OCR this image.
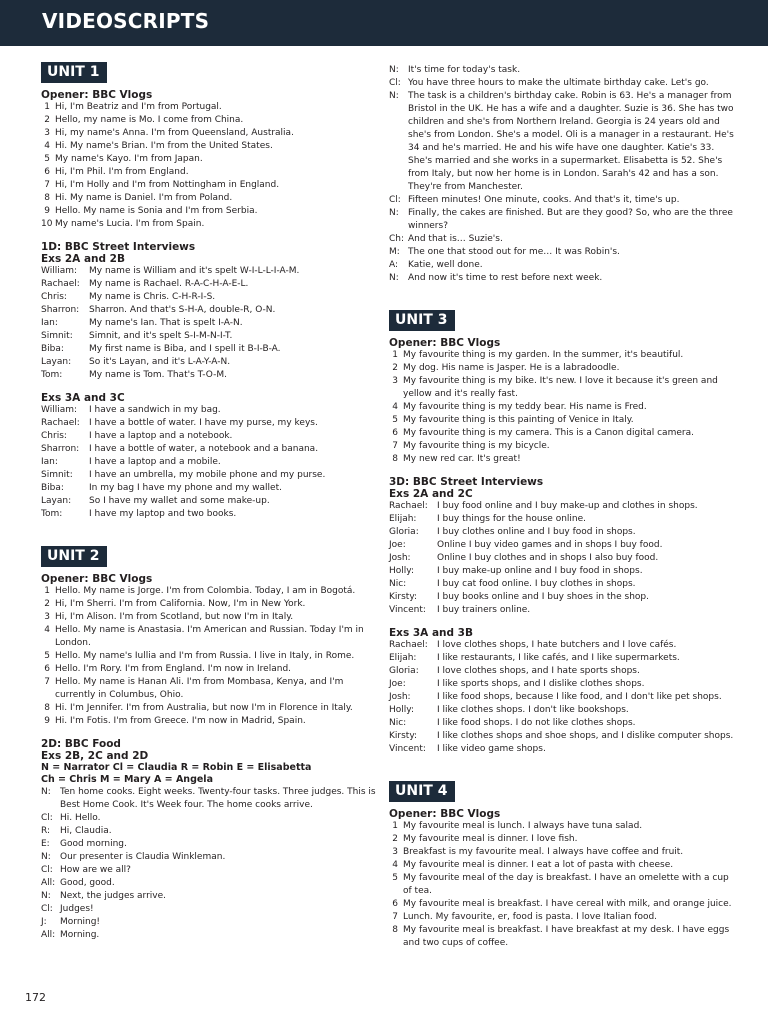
VIDEOSCRIPTS
UNIT 1
Opener: BBC Vlogs
1 Hi, I'm Beatriz and I'm from Portugal.
2 Hello, my name is Mo. I come from China.
3 Hi, my name's Anna. I'm from Queensland, Australia.
4 Hi. My name's Brian. I'm from the United States.
5 My name's Kayo. I'm from Japan.
6 Hi, I'm Phil. I'm from England.
7 Hi, I'm Holly and I'm from Nottingham in England.
8 Hi. My name is Daniel. I'm from Poland.
9 Hello. My name is Sonia and I'm from Serbia.
10 My name's Lucia. I'm from Spain.
1D: BBC Street Interviews
Exs 2A and 2B
William:	My name is William and it's spelt W-I-L-L-I-A-M.
Rachael:	My name is Rachael. R-A-C-H-A-E-L.
Chris:	My name is Chris. C-H-R-I-S.
Sharron:	Sharron. And that's S-H-A, double-R, O-N.
Ian:	My name's Ian. That is spelt I-A-N.
Simnit:	Simnit, and it's spelt S-I-M-N-I-T.
Biba:	My first name is Biba, and I spell it B-I-B-A.
Layan:	So it's Layan, and it's L-A-Y-A-N.
Tom:	My name is Tom. That's T-O-M.
Exs 3A and 3C
William:	I have a sandwich in my bag.
Rachael:	I have a bottle of water. I have my purse, my keys.
Chris:	I have a laptop and a notebook.
Sharron:	I have a bottle of water, a notebook and a banana.
Ian:	I have a laptop and a mobile.
Simnit:	I have an umbrella, my mobile phone and my purse.
Biba:	In my bag I have my phone and my wallet.
Layan:	So I have my wallet and some make-up.
Tom:	I have my laptop and two books.
UNIT 2
Opener: BBC Vlogs
1 Hello. My name is Jorge. I'm from Colombia. Today, I am in Bogotá.
2 Hi, I'm Sherri. I'm from California. Now, I'm in New York.
3 Hi, I'm Alison. I'm from Scotland, but now I'm in Italy.
4 Hello. My name is Anastasia. I'm American and Russian. Today I'm in London.
5 Hello. My name's Iullia and I'm from Russia. I live in Italy, in Rome.
6 Hello. I'm Rory. I'm from England. I'm now in Ireland.
7 Hello. My name is Hanan Ali. I'm from Mombasa, Kenya, and I'm currently in Columbus, Ohio.
8 Hi. I'm Jennifer. I'm from Australia, but now I'm in Florence in Italy.
9 Hi. I'm Fotis. I'm from Greece. I'm now in Madrid, Spain.
2D: BBC Food
Exs 2B, 2C and 2D
N = Narrator Cl = Claudia R = Robin E = Elisabetta
Ch = Chris M = Mary A = Angela
N:	Ten home cooks. Eight weeks. Twenty-four tasks. Three judges. This is Best Home Cook. It's Week four. The home cooks arrive.
Cl: Hi. Hello.
R:	Hi, Claudia.
E:	Good morning.
N:	Our presenter is Claudia Winkleman.
Cl: How are we all?
All: Good, good.
N:	Next, the judges arrive.
Cl: Judges!
J:	Morning!
All: Morning.
N:	It's time for today's task.
Cl: You have three hours to make the ultimate birthday cake. Let's go.
N:	The task is a children's birthday cake. Robin is 63. He's a manager from Bristol in the UK. He has a wife and a daughter. Suzie is 36. She has two children and she's from Northern Ireland. Georgia is 24 years old and she's from London. She's a model. Oli is a manager in a restaurant. He's 34 and he's married. He and his wife have one daughter. Katie's 33. She's married and she works in a supermarket. Elisabetta is 52. She's from Italy, but now her home is in London. Sarah's 42 and has a son. They're from Manchester.
Cl: Fifteen minutes! One minute, cooks. And that's it, time's up.
N:	Finally, the cakes are finished. But are they good? So, who are the three winners?
Ch: And that is… Suzie's.
M: The one that stood out for me… It was Robin's.
A:	Katie, well done.
N:	And now it's time to rest before next week.
UNIT 3
Opener: BBC Vlogs
1 My favourite thing is my garden. In the summer, it's beautiful.
2 My dog. His name is Jasper. He is a labradoodle.
3 My favourite thing is my bike. It's new. I love it because it's green and yellow and it's really fast.
4 My favourite thing is my teddy bear. His name is Fred.
5 My favourite thing is this painting of Venice in Italy.
6 My favourite thing is my camera. This is a Canon digital camera.
7 My favourite thing is my bicycle.
8 My new red car. It's great!
3D: BBC Street Interviews
Exs 2A and 2C
Rachael:	I buy food online and I buy make-up and clothes in shops.
Elijah:	I buy things for the house online.
Gloria:	I buy clothes online and I buy food in shops.
Joe:	Online I buy video games and in shops I buy food.
Josh:	Online I buy clothes and in shops I also buy food.
Holly:	I buy make-up online and I buy food in shops.
Nic:	I buy cat food online. I buy clothes in shops.
Kirsty:	I buy books online and I buy shoes in the shop.
Vincent:	I buy trainers online.
Exs 3A and 3B
Rachael:	I love clothes shops, I hate butchers and I love cafés.
Elijah:	I like restaurants, I like cafés, and I like supermarkets.
Gloria:	I love clothes shops, and I hate sports shops.
Joe:	I like sports shops, and I dislike clothes shops.
Josh:	I like food shops, because I like food, and I don't like pet shops.
Holly:	I like clothes shops. I don't like bookshops.
Nic:	I like food shops. I do not like clothes shops.
Kirsty:	I like clothes shops and shoe shops, and I dislike computer shops.
Vincent:	I like video game shops.
UNIT 4
Opener: BBC Vlogs
1 My favourite meal is lunch. I always have tuna salad.
2 My favourite meal is dinner. I love fish.
3 Breakfast is my favourite meal. I always have coffee and fruit.
4 My favourite meal is dinner. I eat a lot of pasta with cheese.
5 My favourite meal of the day is breakfast. I have an omelette with a cup of tea.
6 My favourite meal is breakfast. I have cereal with milk, and orange juice.
7 Lunch. My favourite, er, food is pasta. I love Italian food.
8 My favourite meal is breakfast. I have breakfast at my desk. I have eggs and two cups of coffee.
172
